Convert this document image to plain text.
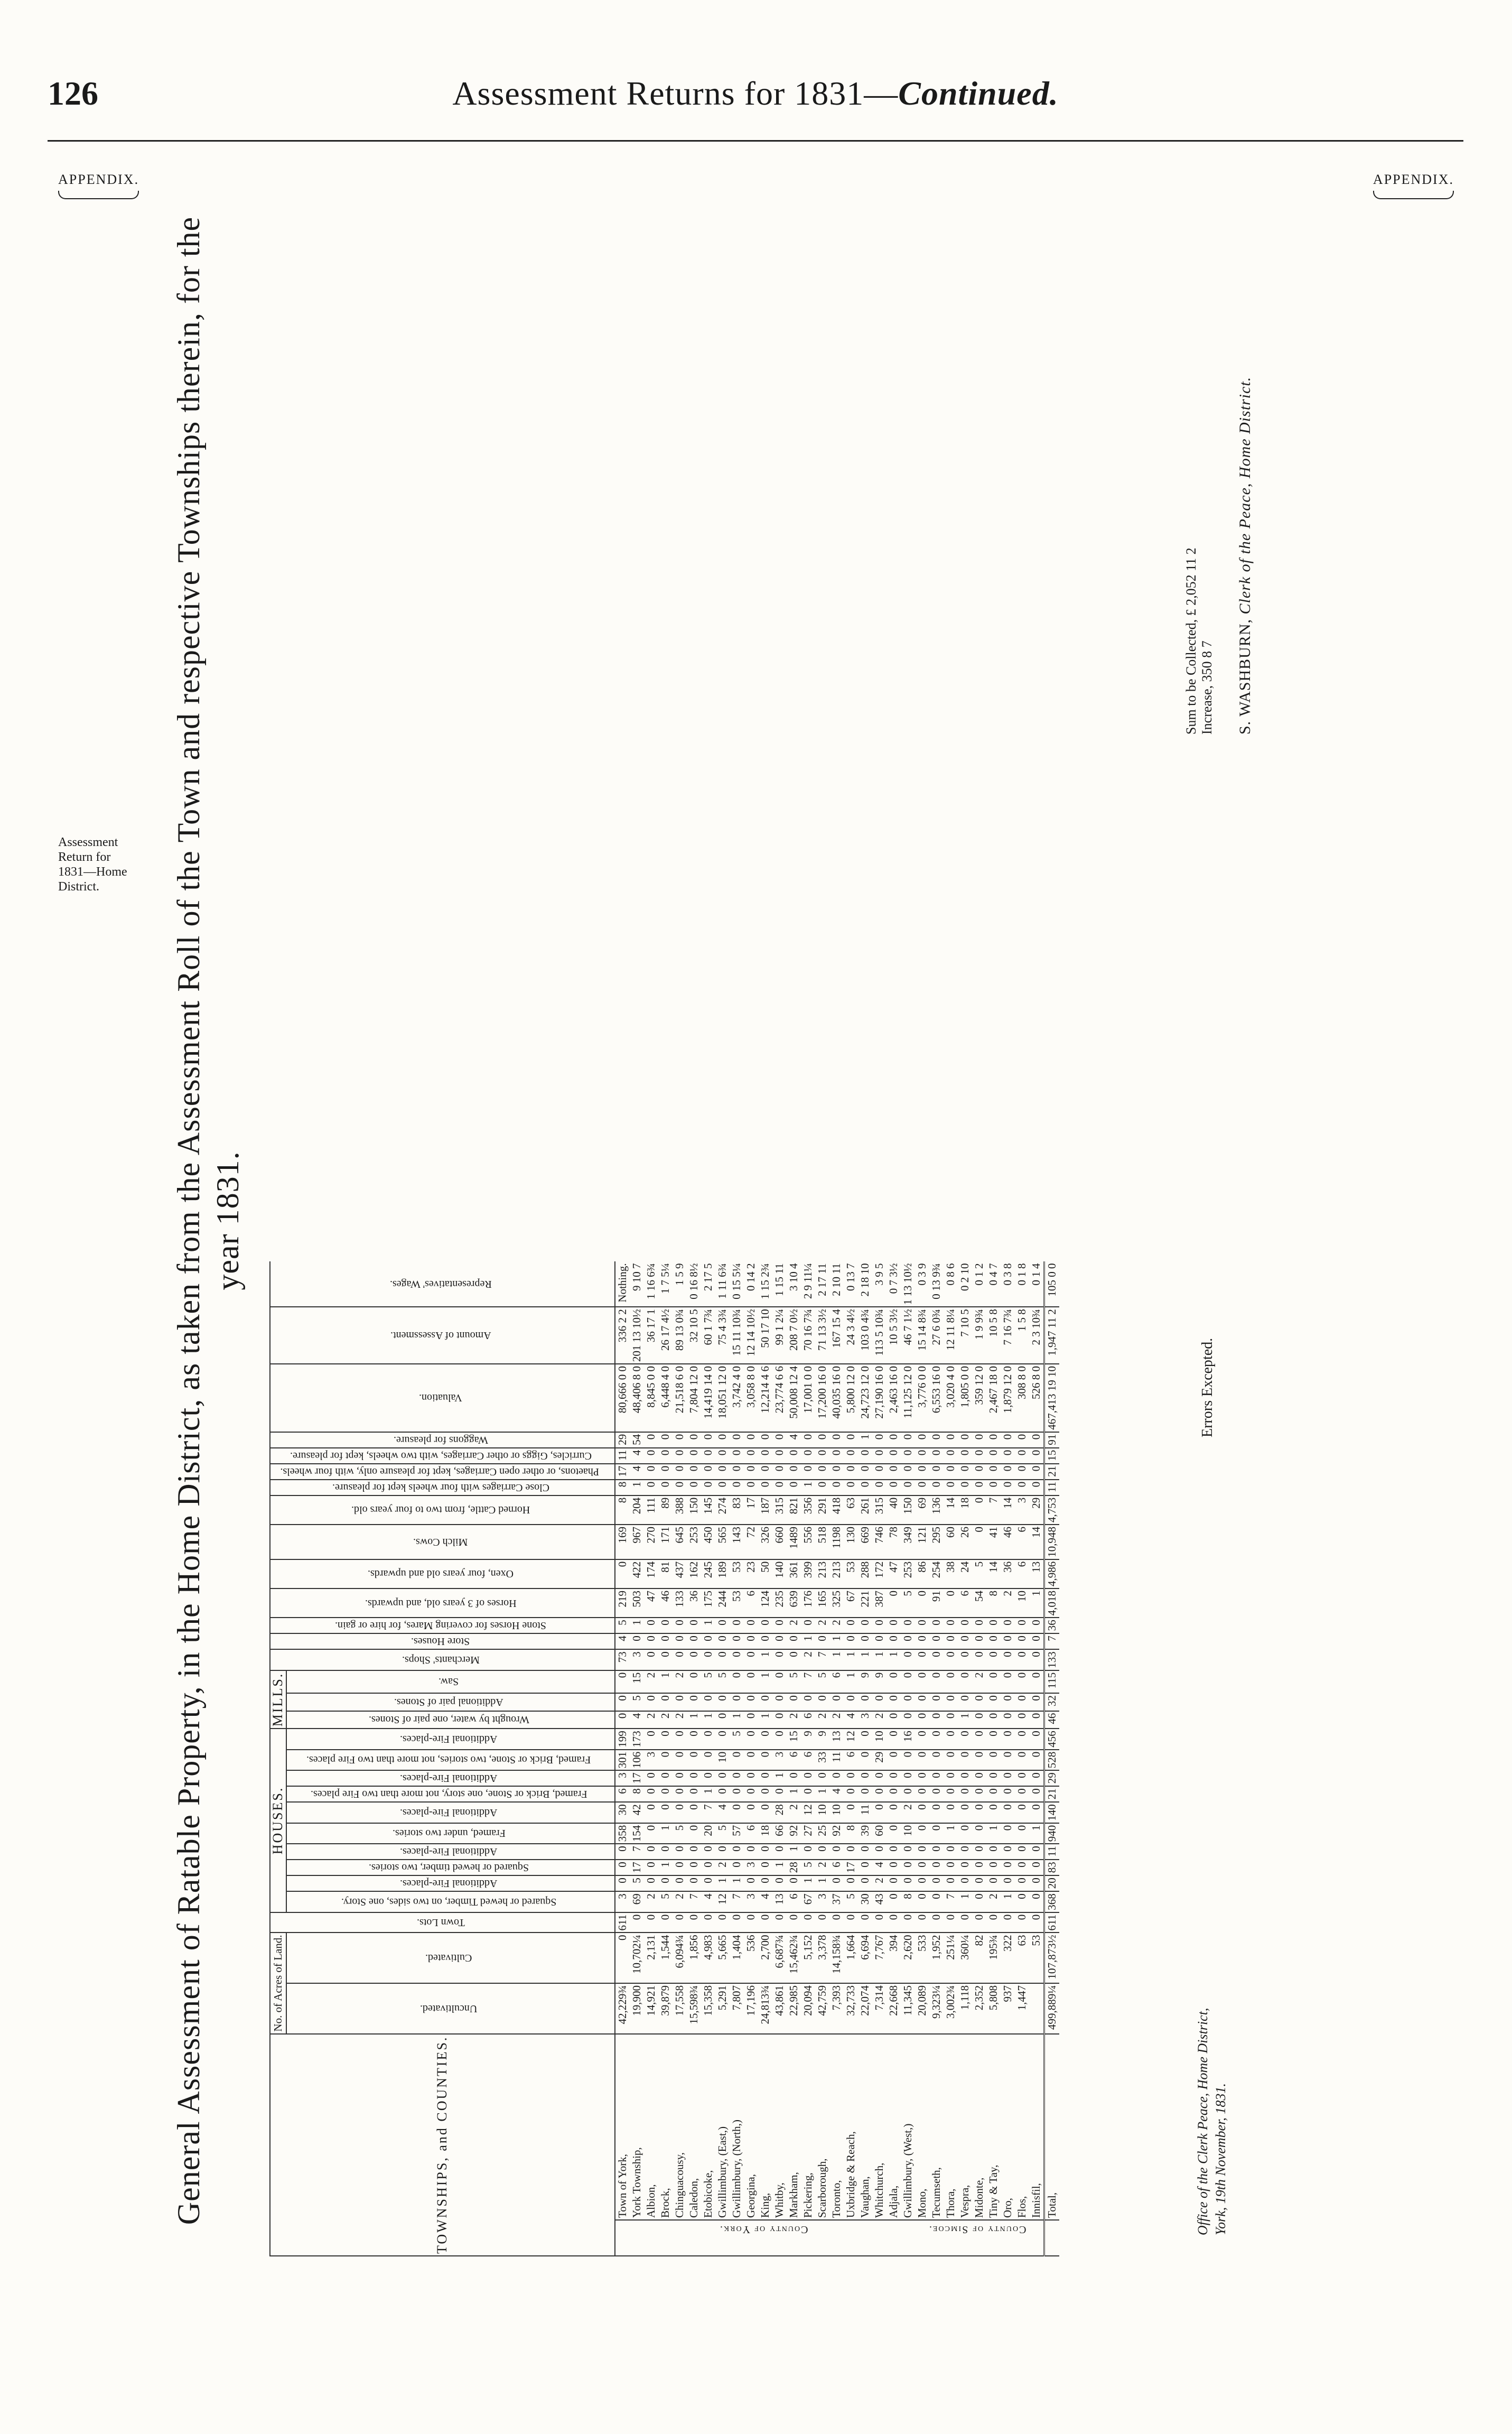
126	Assessment Returns for 1831—Continued.
APPENDIX.	APPENDIX.
Assessment Return for 1831—Home District.	General Assessment of Ratable Property, in the Home District, as taken from the Assessment Roll of the Town and respective Townships therein, for the year 1831.
TOWNSHIPS, and COUNTIES.		No. of Acres of Land.		Town Lots.	HOUSES.										MILLS.			Merchants' Shops.	Store Houses.	Stone Horses for covering Mares, for hire or gain.	Horses of 3 years old, and upwards.	Oxen, four years old and upwards.	Milch Cows.	Horned Cattle, from two to four years old.	Close Carriages with four wheels kept for pleasure.	Phaetons, or other open Carriages, kept for pleasure only, with four wheels.	Curricles, Giggs or other Carriages, with two wheels, kept for pleasure.	Waggons for pleasure.	Valuation.	Amount of Assessment.	Representatives' Wages.
		Uncultivated.	Cultivated.		Squared or hewed Timber, on two sides, one Story.	Additional Fire-places.	Squared or hewed timber, two stories.	Additional Fire-places.	Framed, under two stories.	Additional Fire-places.	Framed, Brick or Stone, one story, not more than two Fire places.	Additional Fire-places.	Framed, Brick or Stone, two stories, not more than two Fire places.	Additional Fire-places.	Wrought by water, one pair of Stones.	Additional pair of Stones.	Saw.														
County of York.	Town of York,	42,229¾	0	611	3	0	0	0	358	30	6	3	301	199	0	0	0	73	4	5	219	0	169	8	8	17	11	29	80,666 0 0	336 2 2	Nothing.
	York Township,	19,900	10,702¼	0	69	5	17	7	154	42	8	17	106	173	4	5	15	3	0	1	503	422	967	204	1	4	4	54	48,406 8 0	201 13 10½	9 10 7
	Albion,	14,921	2,131	0	2	0	0	0	0	0	0	0	3	0	2	0	2	0	0	0	47	174	270	111	0	0	0	0	8,845 0 0	36 17 1	1 16 6¾
	Brock,	39,879	1,544	0	5	0	1	0	1	0	0	0	0	0	2	0	1	0	0	0	46	81	171	89	0	0	0	0	6,448 4 0	26 17 4½	1 7 5¼
	Chinguacousy,	17,558	6,094¾	0	2	0	0	0	5	0	0	0	0	0	2	0	2	0	0	0	133	437	645	388	0	0	0	0	21,518 6 0	89 13 0¾	1 5 9
	Caledon,	15,598¾	1,856	0	7	0	0	0	0	0	0	0	0	0	1	0	0	0	0	0	36	162	253	150	0	0	0	0	7,804 12 0	32 10 5	0 16 8½
	Etobicoke,	15,358	4,983	0	4	0	0	0	20	7	1	0	0	0	1	0	5	0	0	1	175	245	450	145	0	0	0	0	14,419 14 0	60 1 7¾	2 17 5
	Gwillimbury, (East,)	5,291	5,665	0	12	1	2	0	5	4	0	0	10	0	0	0	5	0	0	0	244	189	565	274	0	0	0	0	18,051 12 0	75 4 3¾	1 11 6¾
	Gwillimbury, (North,)	7,807	1,404	0	7	1	0	0	57	0	0	0	0	5	1	0	0	0	0	0	53	53	143	83	0	0	0	0	3,742 4 0	15 11 10¾	0 15 5¼
	Georgina,	17,196	536	0	3	0	3	0	6	0	0	0	0	0	0	0	0	0	0	0	6	23	72	17	0	0	0	0	3,058 8 0	12 14 10½	0 14 2
	King,	24,813¾	2,700	0	4	0	0	0	18	0	0	0	0	0	1	0	1	1	0	0	124	50	326	187	0	0	0	0	12,214 4 6	50 17 10	1 15 2¾
	Whitby,	43,861	6,687¾	0	13	0	1	0	66	28	0	1	3	0	0	0	0	0	0	0	235	140	660	315	0	0	0	0	23,774 6 6	99 1 2¼	1 15 11
	Markham,	22,985	15,462¾	0	6	0	28	1	92	2	1	0	6	15	2	0	5	0	0	2	639	361	1489	821	0	0	0	4	50,008 12 4	208 7 0½	3 10 4
	Pickering,	20,094	5,152	0	67	1	5	0	27	12	0	0	6	9	6	0	7	2	1	0	176	399	556	356	1	0	0	0	17,001 0 0	70 16 7¾	2 9 11¼
	Scarborough,	42,759	3,378	0	3	1	2	0	25	10	1	0	33	9	2	0	5	7	0	2	165	213	518	291	0	0	0	0	17,200 16 0	71 13 3½	2 17 11
	Toronto,	7,393	14,158¾	0	37	0	6	0	92	10	4	0	11	13	2	0	6	1	1	2	325	213	1198	418	0	0	0	0	40,035 16 0	167 15 4	2 10 11
	Uxbridge & Reach,	32,733	1,664	0	5	0	17	0	8	0	0	0	6	12	4	0	1	1	0	0	67	53	130	63	0	0	0	0	5,800 12 0	24 3 4½	0 13 7
	Vaughan,	22,074	6,694	0	30	0	0	0	39	11	0	0	0	0	3	0	9	1	0	0	221	288	669	261	0	0	0	1	24,723 12 0	103 0 4¾	2 18 10
	Whitchurch,	7,314	7,767	0	43	2	4	0	60	0	0	0	29	10	2	0	9	1	0	0	387	172	746	315	0	0	0	0	27,190 16 0	113 5 10¾	3 9 5
	Adjala,	22,668	394	0	0	0	0	0	0	0	0	0	0	0	0	0	0	1	0	0	0	47	78	40	0	0	0	0	2,463 16 0	10 5 3½	0 7 3½
	Gwillimbury, (West,)	11,345	2,620	0	8	0	0	0	10	2	0	0	0	16	0	0	0	0	0	0	5	253	349	150	0	0	0	0	11,125 12 0	46 7 1½	1 13 10½
County of Simcoe.	Mono,	20,089	533	0	0	0	0	0	0	0	0	0	0	0	0	0	0	0	0	0	0	86	121	69	0	0	0	0	3,776 0 0	15 14 8¾	0 3 9
	Tecumseth,	9,323¼	1,952	0	0	0	0	0	0	0	0	0	0	0	0	0	0	0	0	0	91	254	295	136	0	0	0	0	6,553 16 0	27 6 0¾	0 13 9¾
	Thora,	3,002¾	251¼	0	7	0	0	0	1	0	0	0	0	0	0	0	0	0	0	0	0	38	60	14	0	0	0	0	3,020 4 0	12 11 8¼	0 8 6
	Vespra,	1,118	360¼	0	1	0	0	0	0	0	0	0	0	0	1	0	0	0	0	0	6	24	26	18	0	0	0	0	1,805 0 0	7 10 5	0 2 10
	Midonte,	2,352	82	0	0	0	0	0	0	0	0	0	0	0	0	0	2	0	0	0	54	5	0	0	0	0	0	0	359 12 0	1 9 9¾	0 1 2
	Tiny & Tay,	5,808	195¾	0	2	0	0	0	1	0	0	0	0	0	0	0	0	0	0	0	8	14	41	7	0	0	0	0	2,467 18 0	10 5 8	0 4 7
	Oro,	937	322	0	1	0	0	0	0	0	0	0	0	0	0	0	0	0	0	0	2	36	46	14	0	0	0	0	1,879 12 0	7 16 7¾	0 3 8
	Flos,	1,447	63	0	0	0	0	0	0	0	0	0	0	0	0	0	0	0	0	0	10	6	6	3	0	0	0	0	308 8 0	1 5 8	0 1 8
	Innisfil,		53	0	0	0	0	0	1	0	0	0	0	0	0	0	0	0	0	0	1	13	14	29	0	0	0	0	526 8 0	2 3 10¾	0 1 4
	Total,	499,889¼	107,873½	611	368	20	83	11	940	140	21	29	528	456	46	32	115	133	7	36	4,018	4,986	10,948	4,753	11	21	15	91	467,413 19 10	1,947 11 2	105 0 0
Office of the Clerk Peace, Home District, York, 19th November, 1831.
Errors Excepted.
Sum to be Collected, £ 2,052 11 2
Increase, 350 8 7 S. WASHBURN, Clerk of the Peace, Home District.
